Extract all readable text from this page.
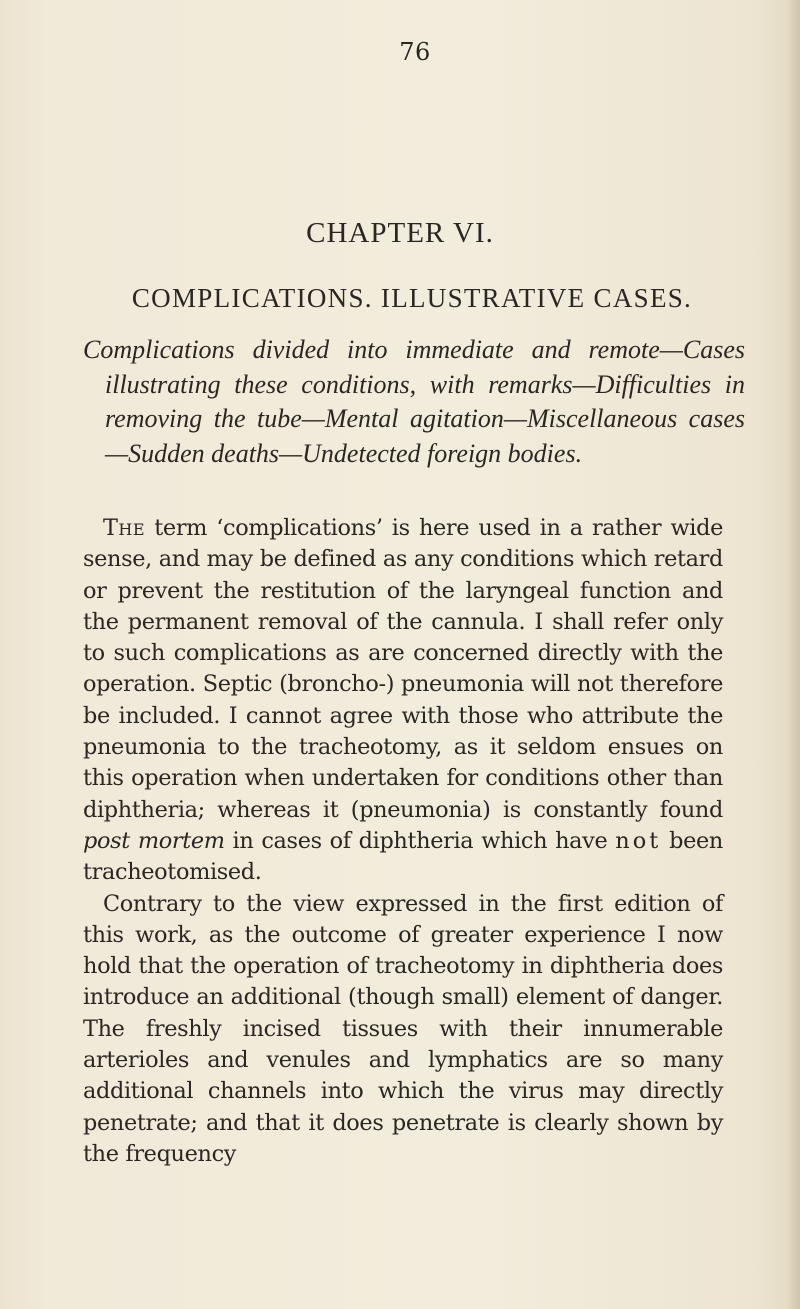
76
CHAPTER VI.
COMPLICATIONS. ILLUSTRATIVE CASES.

Complications divided into immediate and remote—Cases illustrating these conditions, with remarks—Difficulties in removing the tube—Mental agitation—Miscellaneous cases—Sudden deaths—Undetected foreign bodies.

The term ‘complications’ is here used in a rather wide sense, and may be defined as any conditions which retard or prevent the restitution of the laryngeal function and the permanent removal of the cannula. I shall refer only to such complications as are concerned directly with the operation. Septic (broncho-) pneumonia will not therefore be included. I cannot agree with those who attribute the pneumonia to the tracheotomy, as it seldom ensues on this operation when undertaken for conditions other than diphtheria; whereas it (pneumonia) is constantly found post mortem in cases of diphtheria which have not been tracheotomised.

Contrary to the view expressed in the first edition of this work, as the outcome of greater experience I now hold that the operation of tracheotomy in diphtheria does introduce an additional (though small) element of danger. The freshly incised tissues with their innumerable arterioles and venules and lymphatics are so many additional channels into which the virus may directly penetrate; and that it does penetrate is clearly shown by the frequency
